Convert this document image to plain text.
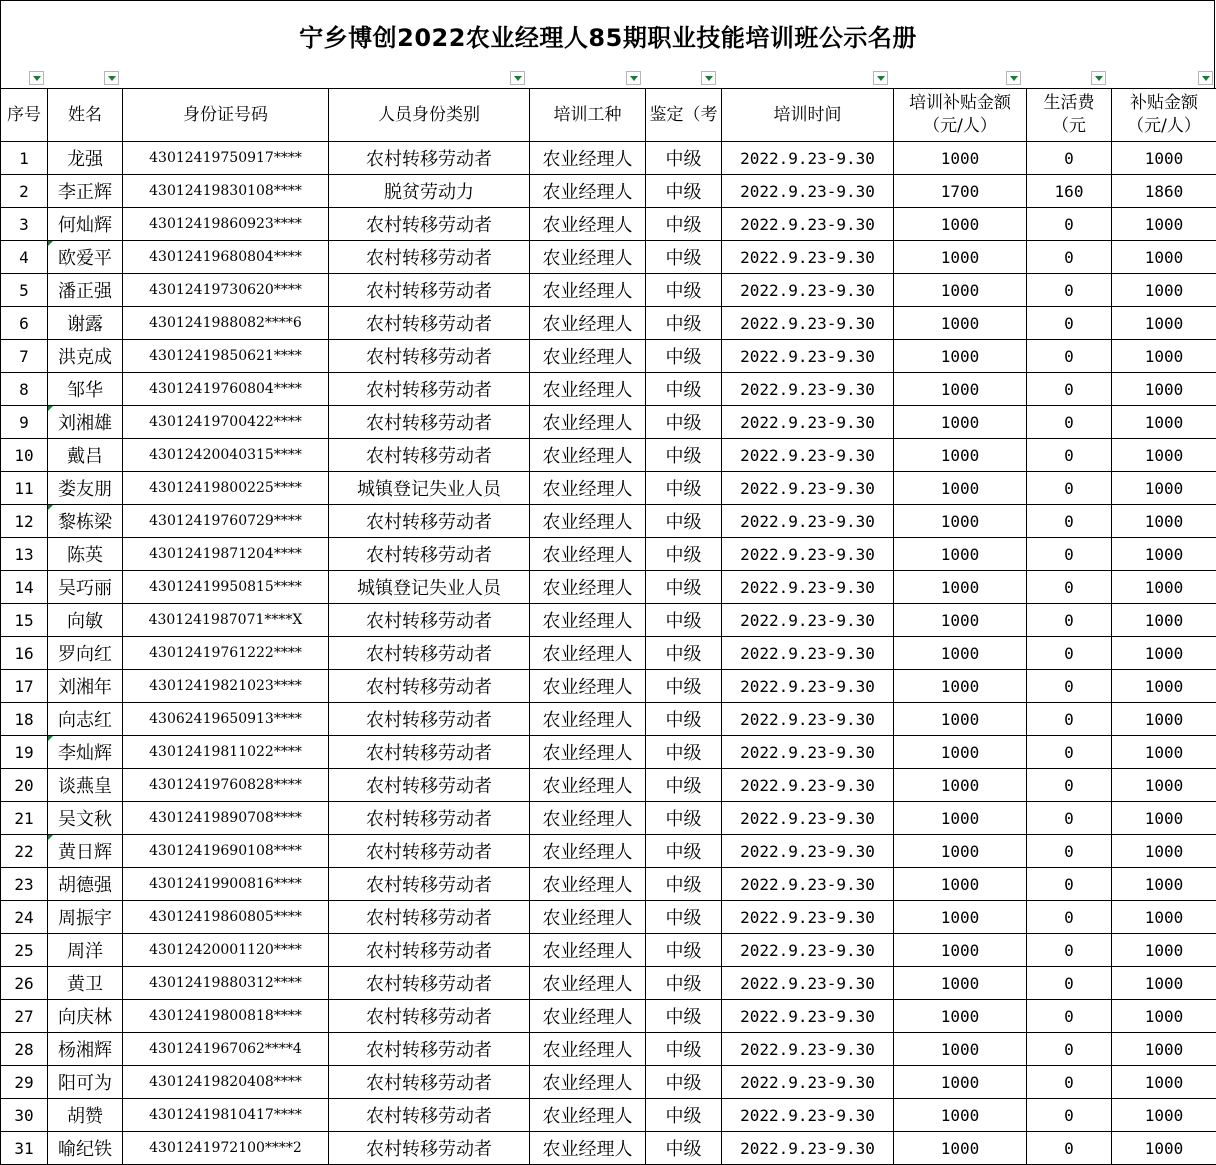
宁乡博创2022农业经理人85期职业技能培训班公示名册
序号	姓名	身份证号码	人员身份类别	培训工种	鉴定（考	培训时间	培训补贴金额（元/人）	生活费（元	补贴金额（元/人）
1	龙强	43012419750917****	农村转移劳动者	农业经理人	中级	2022.9.23-9.30	1000	0	1000
2	李正辉	43012419830108****	脱贫劳动力	农业经理人	中级	2022.9.23-9.30	1700	160	1860
3	何灿辉	43012419860923****	农村转移劳动者	农业经理人	中级	2022.9.23-9.30	1000	0	1000
4	欧爱平	43012419680804****	农村转移劳动者	农业经理人	中级	2022.9.23-9.30	1000	0	1000
5	潘正强	43012419730620****	农村转移劳动者	农业经理人	中级	2022.9.23-9.30	1000	0	1000
6	谢露	4301241988082****6	农村转移劳动者	农业经理人	中级	2022.9.23-9.30	1000	0	1000
7	洪克成	43012419850621****	农村转移劳动者	农业经理人	中级	2022.9.23-9.30	1000	0	1000
8	邹华	43012419760804****	农村转移劳动者	农业经理人	中级	2022.9.23-9.30	1000	0	1000
9	刘湘雄	43012419700422****	农村转移劳动者	农业经理人	中级	2022.9.23-9.30	1000	0	1000
10	戴吕	43012420040315****	农村转移劳动者	农业经理人	中级	2022.9.23-9.30	1000	0	1000
11	娄友朋	43012419800225****	城镇登记失业人员	农业经理人	中级	2022.9.23-9.30	1000	0	1000
12	黎栋梁	43012419760729****	农村转移劳动者	农业经理人	中级	2022.9.23-9.30	1000	0	1000
13	陈英	43012419871204****	农村转移劳动者	农业经理人	中级	2022.9.23-9.30	1000	0	1000
14	吴巧丽	43012419950815****	城镇登记失业人员	农业经理人	中级	2022.9.23-9.30	1000	0	1000
15	向敏	4301241987071****X	农村转移劳动者	农业经理人	中级	2022.9.23-9.30	1000	0	1000
16	罗向红	43012419761222****	农村转移劳动者	农业经理人	中级	2022.9.23-9.30	1000	0	1000
17	刘湘年	43012419821023****	农村转移劳动者	农业经理人	中级	2022.9.23-9.30	1000	0	1000
18	向志红	43062419650913****	农村转移劳动者	农业经理人	中级	2022.9.23-9.30	1000	0	1000
19	李灿辉	43012419811022****	农村转移劳动者	农业经理人	中级	2022.9.23-9.30	1000	0	1000
20	谈燕皇	43012419760828****	农村转移劳动者	农业经理人	中级	2022.9.23-9.30	1000	0	1000
21	吴文秋	43012419890708****	农村转移劳动者	农业经理人	中级	2022.9.23-9.30	1000	0	1000
22	黄日辉	43012419690108****	农村转移劳动者	农业经理人	中级	2022.9.23-9.30	1000	0	1000
23	胡德强	43012419900816****	农村转移劳动者	农业经理人	中级	2022.9.23-9.30	1000	0	1000
24	周振宇	43012419860805****	农村转移劳动者	农业经理人	中级	2022.9.23-9.30	1000	0	1000
25	周洋	43012420001120****	农村转移劳动者	农业经理人	中级	2022.9.23-9.30	1000	0	1000
26	黄卫	43012419880312****	农村转移劳动者	农业经理人	中级	2022.9.23-9.30	1000	0	1000
27	向庆林	43012419800818****	农村转移劳动者	农业经理人	中级	2022.9.23-9.30	1000	0	1000
28	杨湘辉	4301241967062****4	农村转移劳动者	农业经理人	中级	2022.9.23-9.30	1000	0	1000
29	阳可为	43012419820408****	农村转移劳动者	农业经理人	中级	2022.9.23-9.30	1000	0	1000
30	胡赞	43012419810417****	农村转移劳动者	农业经理人	中级	2022.9.23-9.30	1000	0	1000
31	喻纪铁	4301241972100****2	农村转移劳动者	农业经理人	中级	2022.9.23-9.30	1000	0	1000
